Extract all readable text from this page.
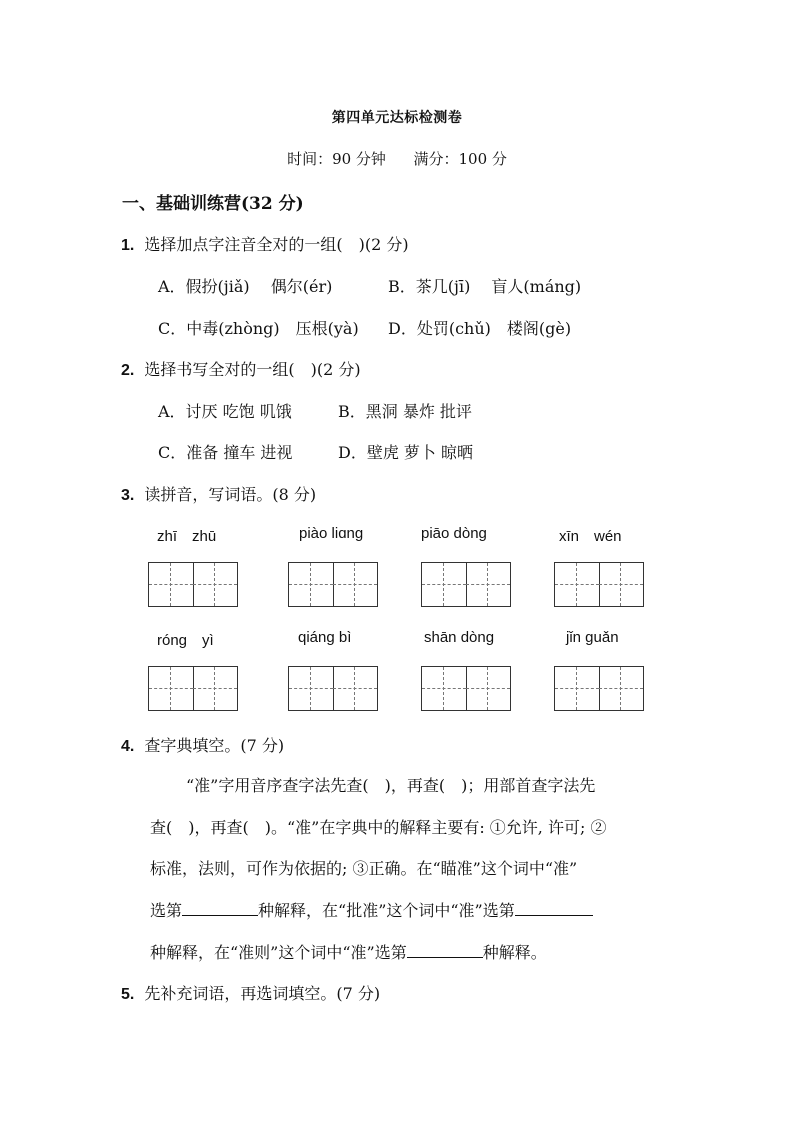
第四单元达标检测卷
时间：90 分钟 满分：100 分
一、基础训练营(32 分)
1. 选择加点字注音全对的一组(　)(2 分)
A．假扮(jiǎ)　 偶尔(ér)	B．茶几(jī)　 盲人(máng)
C．中毒(zhòng)　压根(yà) D．处罚(chǔ)　楼阁(gè)
2. 选择书写全对的一组(　)(2 分)
A．讨厌 吃饱 叽饿	B．黑洞 暴炸 批评
C．准备 撞车 进视	D．壁虎 萝卜 晾晒
3. 读拼音，写词语。(8 分)
zhī　zhū	piào liɑng	piāo dòng	xīn　wén
róng　yì	qiáng bì	shān dòng	jǐn guǎn
4. 查字典填空。(7 分)
“准”字用音序查字法先查(　)，再查(　)；用部首查字法先
查(　)，再查(　)。“准”在字典中的解释主要有: ①允许, 许可; ②
标准，法则，可作为依据的; ③正确。在“瞄准”这个词中“准”
选第	种解释，在“批准”这个词中“准”选第
种解释，在“准则”这个词中“准”选第	种解释。
5. 先补充词语，再选词填空。(7 分)
